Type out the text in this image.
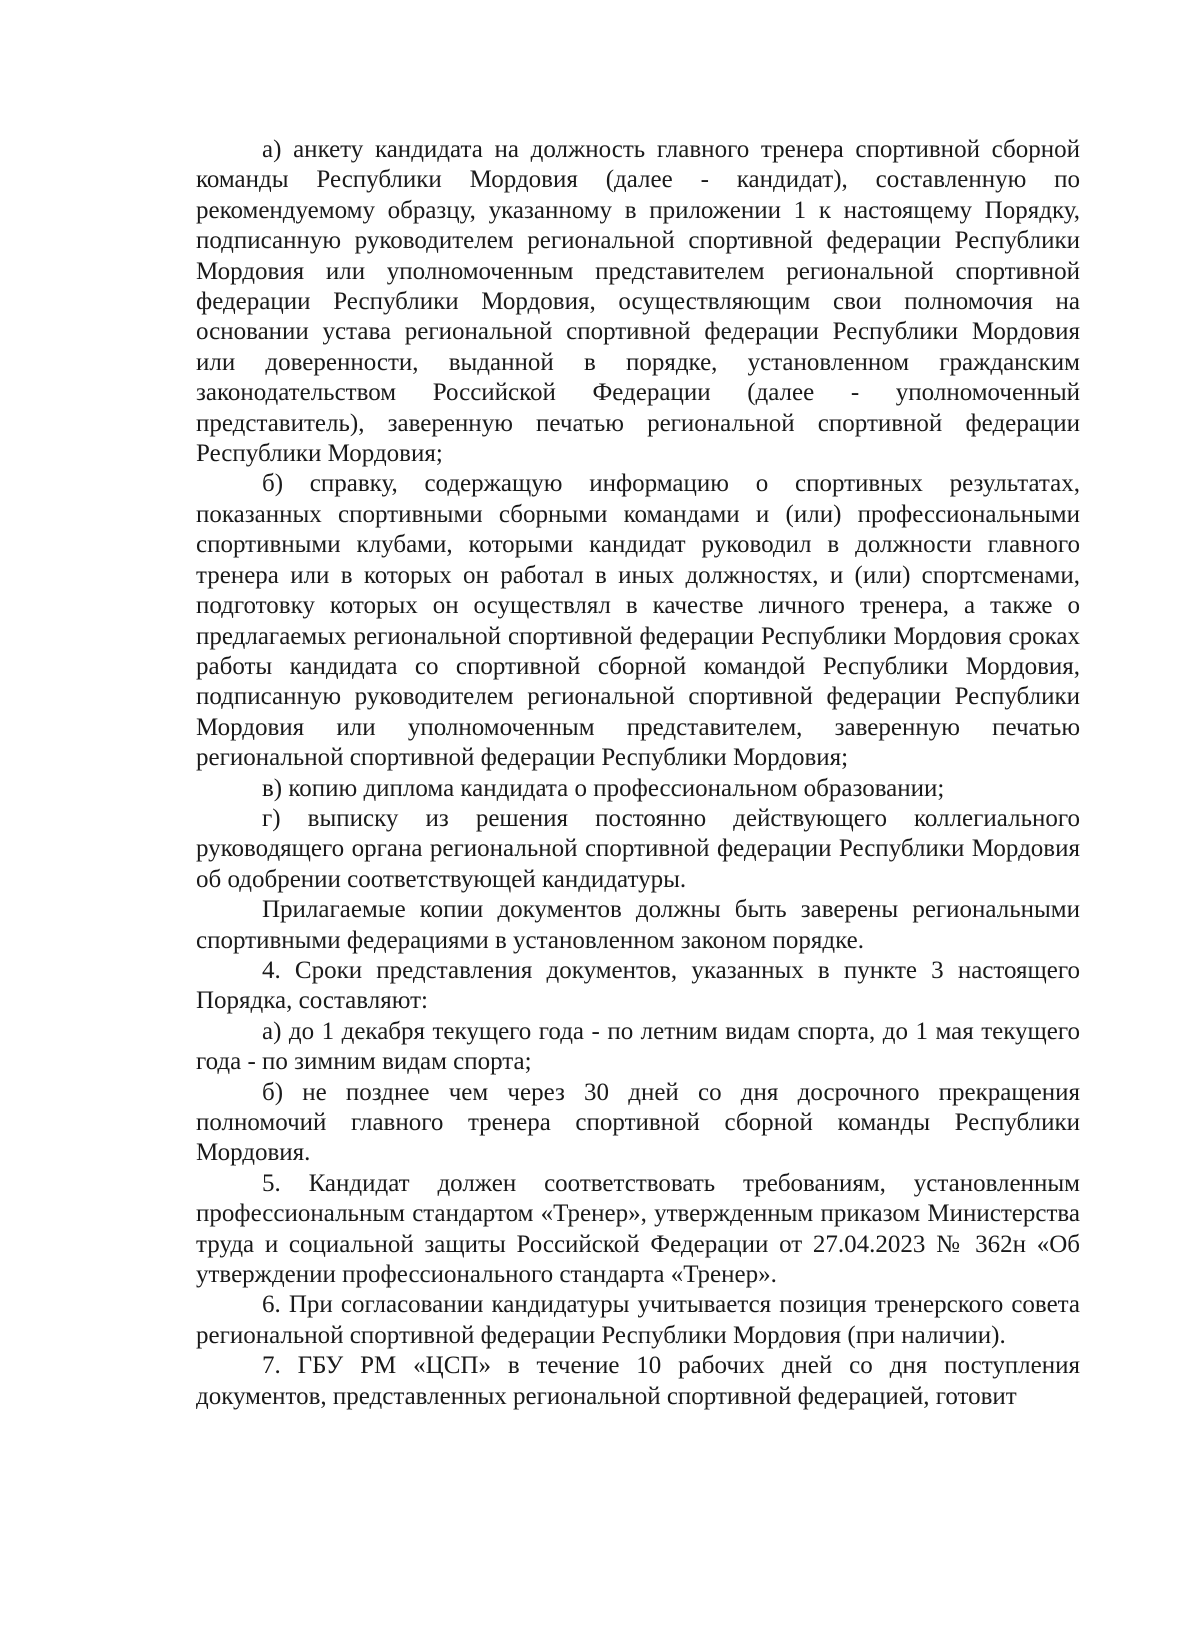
а) анкету кандидата на должность главного тренера спортивной сборной команды Республики Мордовия (далее - кандидат), составленную по рекомендуемому образцу, указанному в приложении 1 к настоящему Порядку, подписанную руководителем региональной спортивной федерации Республики Мордовия или уполномоченным представителем региональной спортивной федерации Республики Мордовия, осуществляющим свои полномочия на основании устава региональной спортивной федерации Республики Мордовия или доверенности, выданной в порядке, установленном гражданским законодательством Российской Федерации (далее - уполномоченный представитель), заверенную печатью региональной спортивной федерации Республики Мордовия;

б) справку, содержащую информацию о спортивных результатах, показанных спортивными сборными командами и (или) профессиональными спортивными клубами, которыми кандидат руководил в должности главного тренера или в которых он работал в иных должностях, и (или) спортсменами, подготовку которых он осуществлял в качестве личного тренера, а также о предлагаемых региональной спортивной федерации Республики Мордовия сроках работы кандидата со спортивной сборной командой Республики Мордовия, подписанную руководителем региональной спортивной федерации Республики Мордовия или уполномоченным представителем, заверенную печатью региональной спортивной федерации Республики Мордовия;

в) копию диплома кандидата о профессиональном образовании;

г) выписку из решения постоянно действующего коллегиального руководящего органа региональной спортивной федерации Республики Мордовия об одобрении соответствующей кандидатуры.

Прилагаемые копии документов должны быть заверены региональными спортивными федерациями в установленном законом порядке.

4. Сроки представления документов, указанных в пункте 3 настоящего Порядка, составляют:

а) до 1 декабря текущего года - по летним видам спорта, до 1 мая текущего года - по зимним видам спорта;

б) не позднее чем через 30 дней со дня досрочного прекращения полномочий главного тренера спортивной сборной команды Республики Мордовия.

5. Кандидат должен соответствовать требованиям, установленным профессиональным стандартом «Тренер», утвержденным приказом Министерства труда и социальной защиты Российской Федерации от 27.04.2023 № 362н «Об утверждении профессионального стандарта «Тренер».

6. При согласовании кандидатуры учитывается позиция тренерского совета региональной спортивной федерации Республики Мордовия (при наличии).

7. ГБУ РМ «ЦСП» в течение 10 рабочих дней со дня поступления документов, представленных региональной спортивной федерацией, готовит
